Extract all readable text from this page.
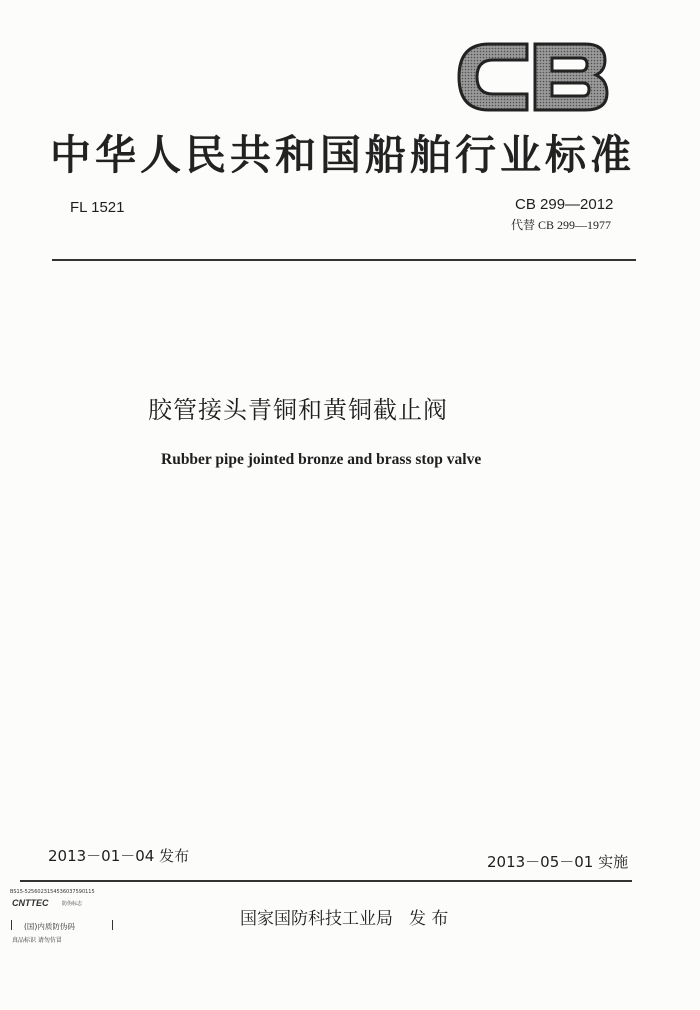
CB
中华人民共和国船舶行业标准
FL 1521	CB 299—2012
代替 CB 299—1977
胶管接头青铜和黄铜截止阀
Rubber pipe jointed bronze and brass stop valve
2013－01－04 发布	2013－05－01 实施
国家国防科技工业局 发 布
BS15-5256023154536037590115
CNTTEC	防伪标志
(国)内质防伪码
真品标识 请勿仿冒
